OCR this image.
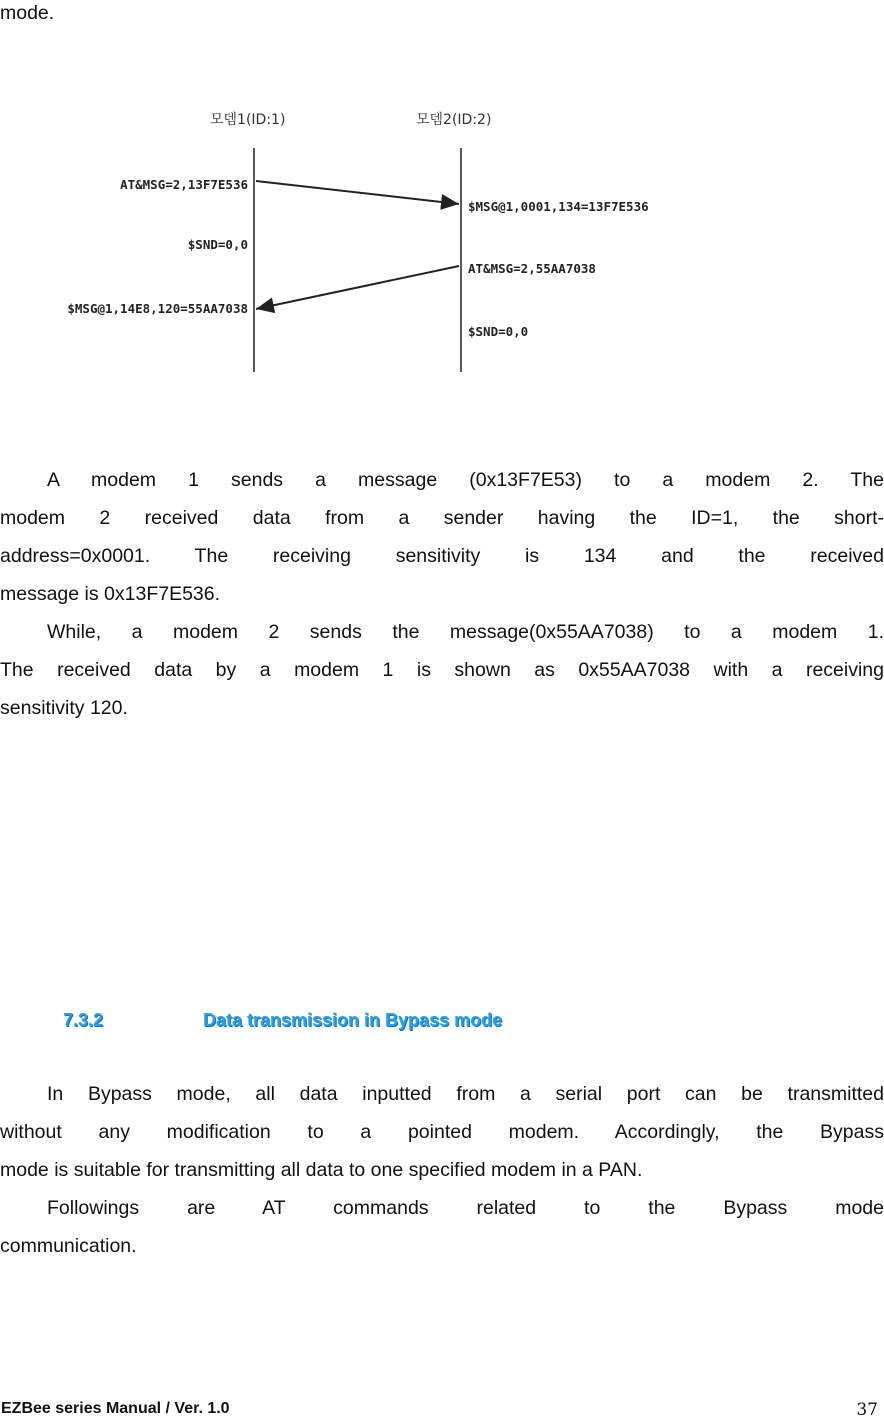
mode.
모뎀1(ID:1)	모뎀2(ID:2)
AT&MSG=2,13F7E536
$SND=0,0
$MSG@1,14E8,120=55AA7038
$MSG@1,0001,134=13F7E536
AT&MSG=2,55AA7038
$SND=0,0
A modem 1 sends a message (0x13F7E53) to a modem 2. The
modem 2 received data from a sender having the ID=1, the short-
address=0x0001. The receiving sensitivity is 134 and the received
message is 0x13F7E536.
While, a modem 2 sends the message(0x55AA7038) to a modem 1.
The received data by a modem 1 is shown as 0x55AA7038 with a receiving
sensitivity 120.
7.3.2	Data transmission in Bypass mode
In Bypass mode, all data inputted from a serial port can be transmitted
without any modification to a pointed modem. Accordingly, the Bypass
mode is suitable for transmitting all data to one specified modem in a PAN.
Followings are AT commands related to the Bypass mode
communication.
EZBee series Manual / Ver. 1.0	37
